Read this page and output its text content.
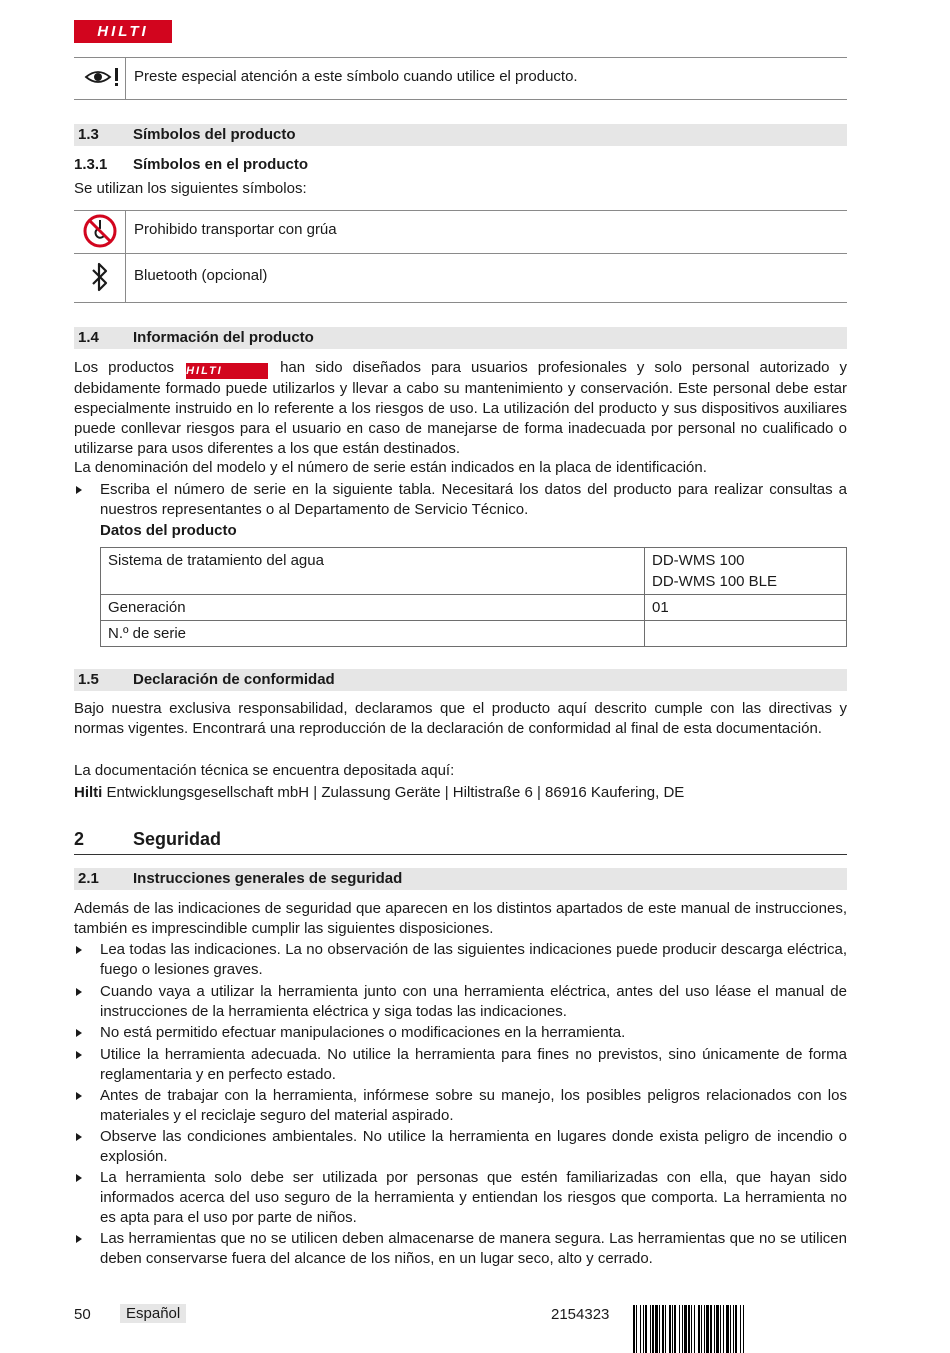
HILTI
Preste especial atención a este símbolo cuando utilice el producto.
1.3 Símbolos del producto
1.3.1 Símbolos en el producto
Se utilizan los siguientes símbolos:
Prohibido transportar con grúa
Bluetooth (opcional)
1.4 Información del producto
Los productos HILTI	han sido diseñados para usuarios profesionales y solo personal autorizado y debidamente formado puede utilizarlos y llevar a cabo su mantenimiento y conservación. Este personal debe estar especialmente instruido en lo referente a los riesgos de uso. La utilización del producto y sus dispositivos auxiliares puede conllevar riesgos para el usuario en caso de manejarse de forma inadecuada por personal no cualificado o utilizarse para usos diferentes a los que están destinados.
La denominación del modelo y el número de serie están indicados en la placa de identificación.
Escriba el número de serie en la siguiente tabla. Necesitará los datos del producto para realizar consultas a nuestros representantes o al Departamento de Servicio Técnico.
Datos del producto
Sistema de tratamiento del agua	DD-WMS 100
DD-WMS 100 BLE

Generación	01
N.º de serie	
1.5 Declaración de conformidad
Bajo nuestra exclusiva responsabilidad, declaramos que el producto aquí descrito cumple con las directivas y normas vigentes. Encontrará una reproducción de la declaración de conformidad al final de esta documentación.
La documentación técnica se encuentra depositada aquí:
Hilti Entwicklungsgesellschaft mbH | Zulassung Geräte | Hiltistraße 6 | 86916 Kaufering, DE
2	Seguridad
2.1 Instrucciones generales de seguridad
Además de las indicaciones de seguridad que aparecen en los distintos apartados de este manual de instrucciones, también es imprescindible cumplir las siguientes disposiciones.
Lea todas las indicaciones. La no observación de las siguientes indicaciones puede producir descarga eléctrica, fuego o lesiones graves.
Cuando vaya a utilizar la herramienta junto con una herramienta eléctrica, antes del uso léase el manual de instrucciones de la herramienta eléctrica y siga todas las indicaciones.
No está permitido efectuar manipulaciones o modificaciones en la herramienta.
Utilice la herramienta adecuada. No utilice la herramienta para fines no previstos, sino únicamente de forma reglamentaria y en perfecto estado.
Antes de trabajar con la herramienta, infórmese sobre su manejo, los posibles peligros relacionados con los materiales y el reciclaje seguro del material aspirado.
Observe las condiciones ambientales. No utilice la herramienta en lugares donde exista peligro de incendio o explosión.
La herramienta solo debe ser utilizada por personas que estén familiarizadas con ella, que hayan sido informados acerca del uso seguro de la herramienta y entiendan los riesgos que comporta. La herramienta no es apta para el uso por parte de niños.
Las herramientas que no se utilicen deben almacenarse de manera segura. Las herramientas que no se utilicen deben conservarse fuera del alcance de los niños, en un lugar seco, alto y cerrado.
50	Español	2154323
